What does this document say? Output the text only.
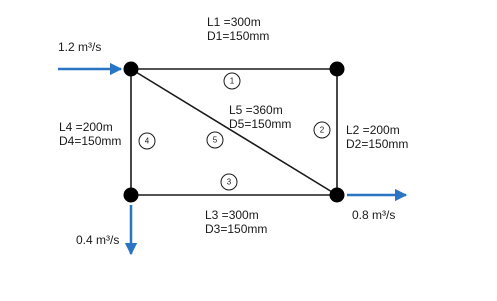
1.2 m³/s
0.4 m³/s
0.8 m³/s
L1 =300m
D1=150mm
1
L2 =200m
D2=150mm
2
L3 =300m
D3=150mm
3
L4 =200m
D4=150mm	4
L5 =360m
D5=150mm
5
